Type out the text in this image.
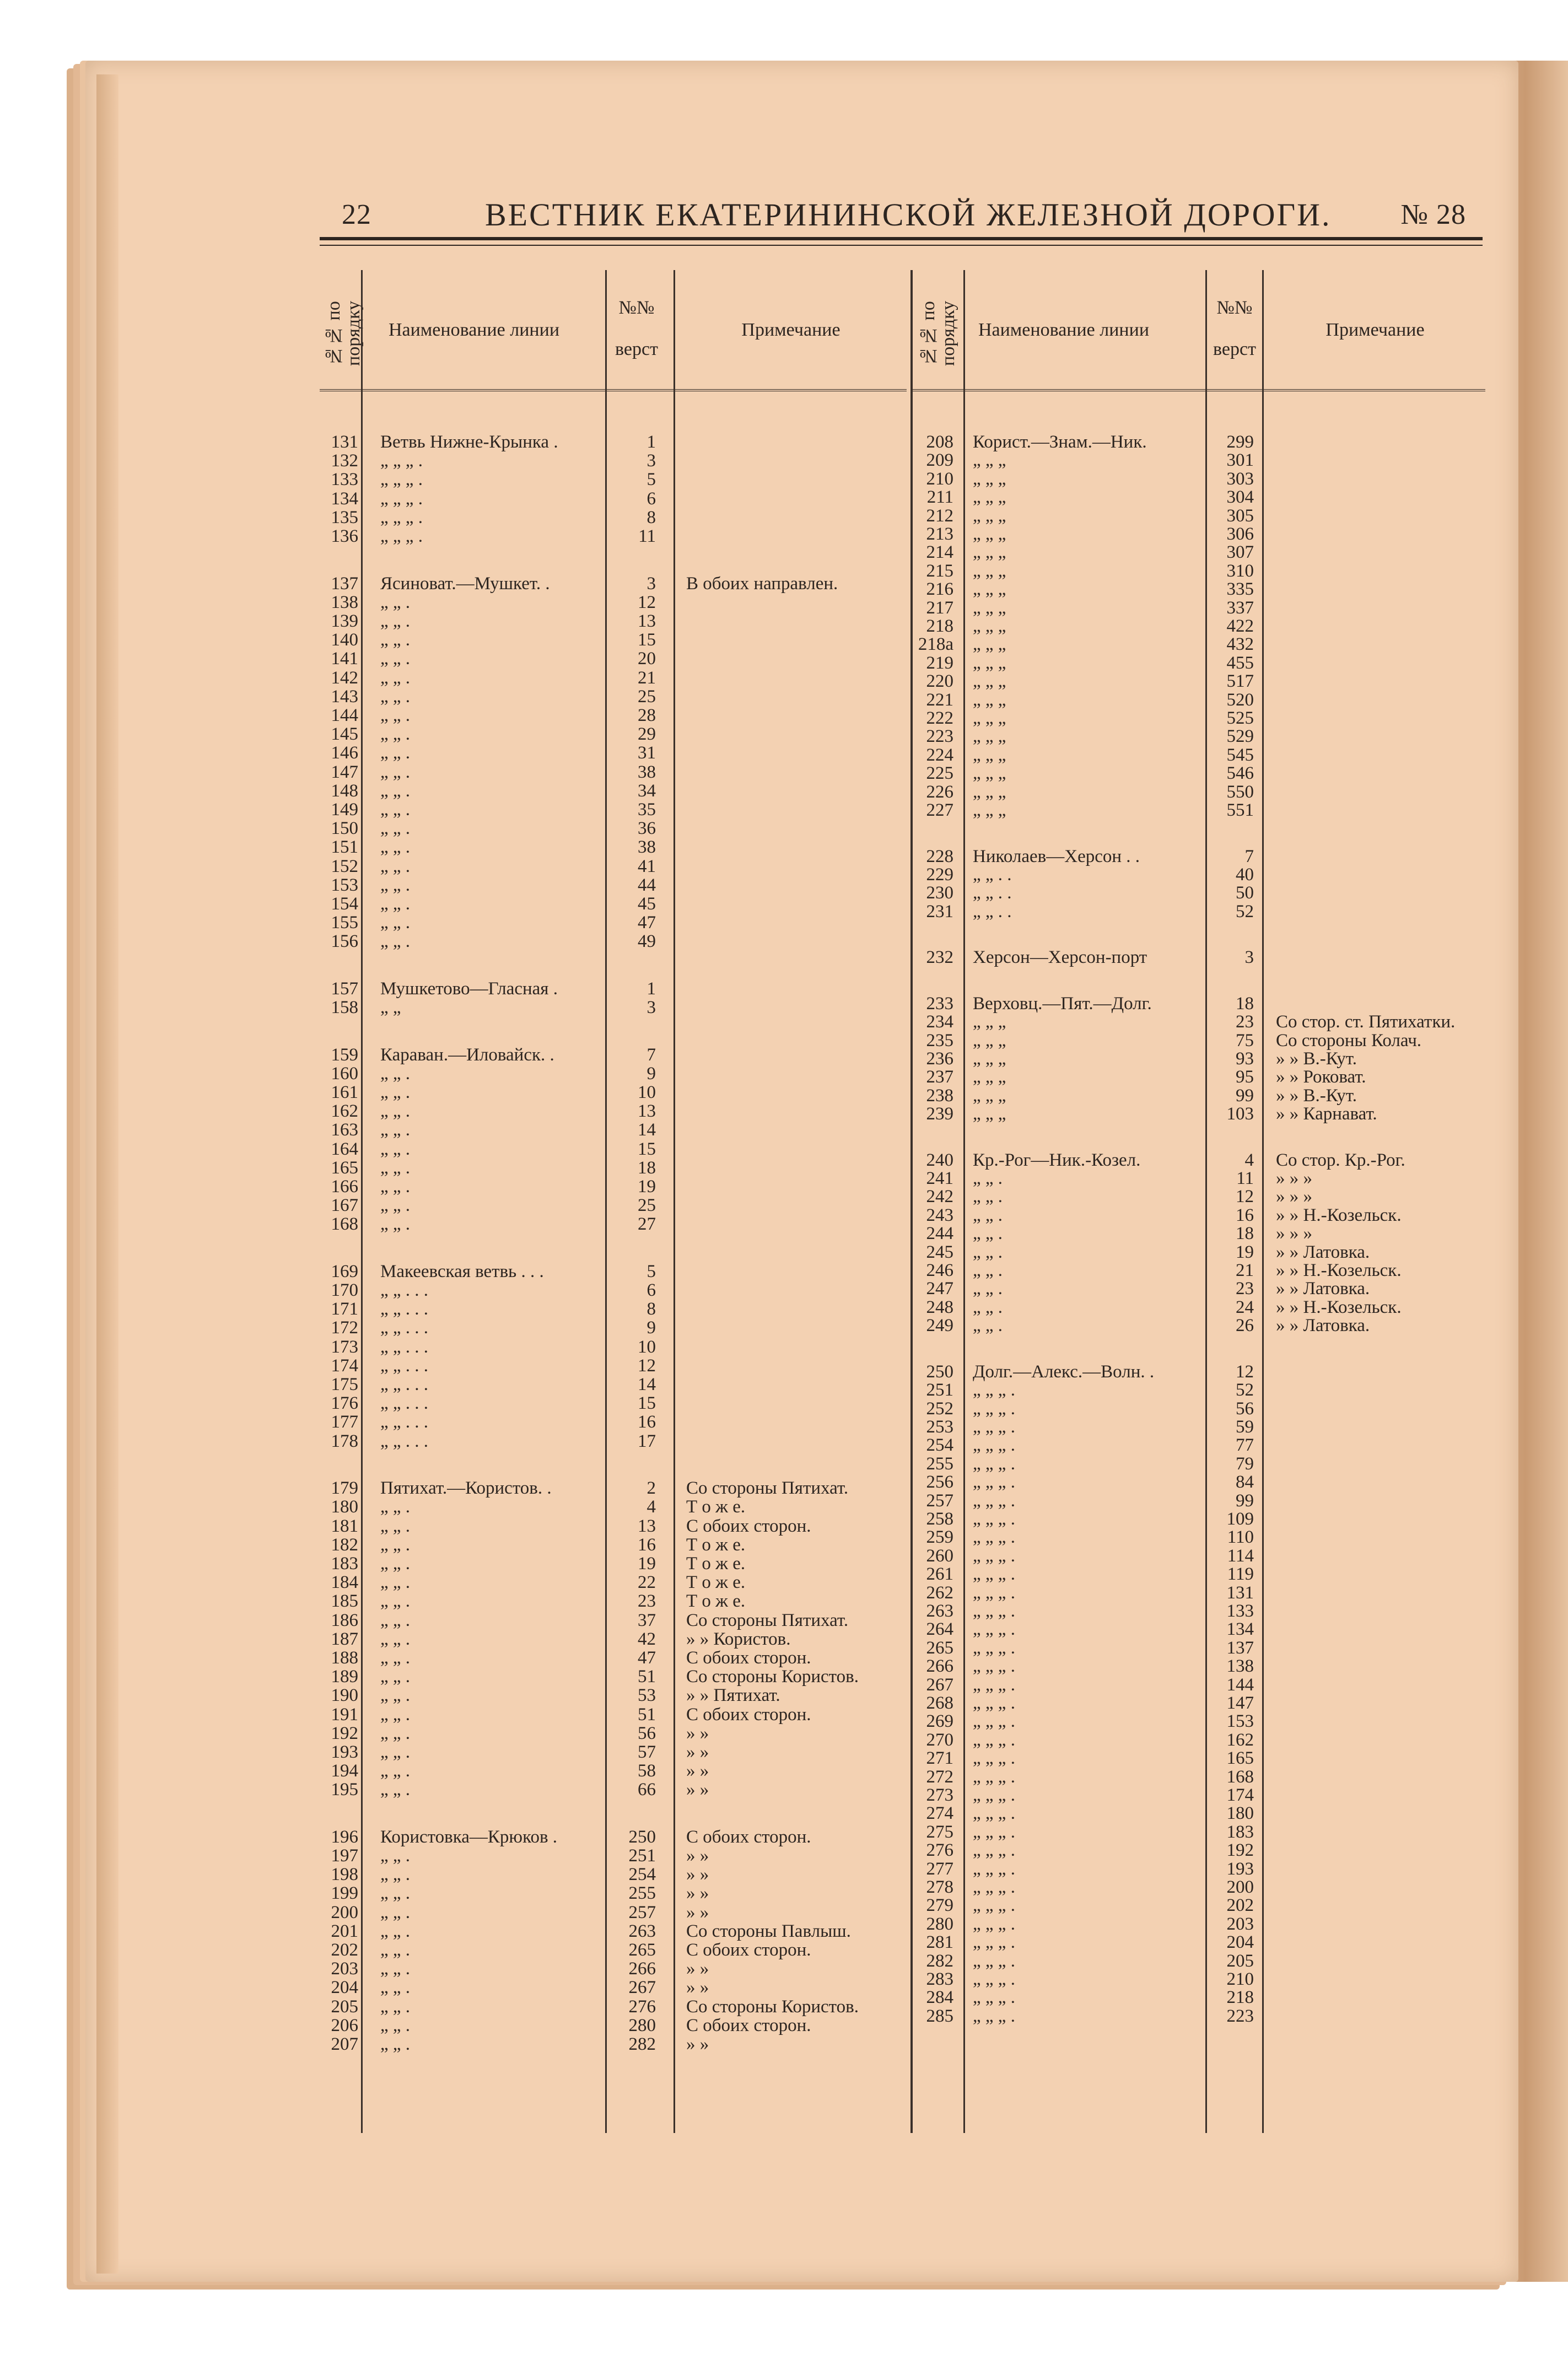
22	ВЕСТНИК ЕКАТЕРИНИНСКОЙ ЖЕЛЕЗНОЙ ДОРОГИ. № 28
№№ по порядку	Наименование линии
№№
верст
Примечание	№№ по порядку	Наименование линии
№№
верст
Примечание
131 Ветвь Нижне-Крынка .	1
132 „ „ „ .	3
133 „ „ „ .	5
134 „ „ „ .	6
135 „ „ „ .	8
136 „ „ „ .	11
137 Ясиноват.—Мушкет. .	3 В обоих направлен.
138 „ „ .	12
139 „ „ .	13
140 „ „ .	15
141 „ „ .	20
142 „ „ .	21
143 „ „ .	25
144 „ „ .	28
145 „ „ .	29
146 „ „ .	31
147 „ „ .	38
148 „ „ .	34
149 „ „ .	35
150 „ „ .	36
151 „ „ .	38
152 „ „ .	41
153 „ „ .	44
154 „ „ .	45
155 „ „ .	47
156 „ „ .	49
157 Мушкетово—Гласная .	1
158 „ „	3
159 Караван.—Иловайск. .	7
160 „ „ .	9
161 „ „ .	10
162 „ „ .	13
163 „ „ .	14
164 „ „ .	15
165 „ „ .	18
166 „ „ .	19
167 „ „ .	25
168 „ „ .	27
169 Макеевская ветвь . . .	5
170 „ „ . . .	6
171 „ „ . . .	8
172 „ „ . . .	9
173 „ „ . . .	10
174 „ „ . . .	12
175 „ „ . . .	14
176 „ „ . . .	15
177 „ „ . . .	16
178 „ „ . . .	17
179 Пятихат.—Користов. .	2 Со стороны Пятихат.
180 „ „ .	4 Т о ж е.
181 „ „ .	13 С обоих сторон.
182 „ „ .	16 Т о ж е.
183 „ „ .	19 Т о ж е.
184 „ „ .	22 Т о ж е.
185 „ „ .	23 Т о ж е.
186 „ „ .	37 Со стороны Пятихат.
187 „ „ .	42 » » Користов.
188 „ „ .	47 С обоих сторон.
189 „ „ .	51 Со стороны Користов.
190 „ „ .	53 » » Пятихат.
191 „ „ .	51 С обоих сторон.
192 „ „ .	56 » »
193 „ „ .	57 » »
194 „ „ .	58 » »
195 „ „ .	66 » »
196 Користовка—Крюков .	250 С обоих сторон.
197 „ „ .	251 » »
198 „ „ .	254 » »
199 „ „ .	255 » »
200 „ „ .	257 » »
201 „ „ .	263 Со стороны Павлыш.
202 „ „ .	265 С обоих сторон.
203 „ „ .	266 » »
204 „ „ .	267 » »
205 „ „ .	276 Со стороны Користов.
206 „ „ .	280 С обоих сторон.
207 „ „ .	282 » »
208 Корист.—Знам.—Ник.	299
209 „ „ „	301
210 „ „ „	303
211 „ „ „	304
212 „ „ „	305
213 „ „ „	306
214 „ „ „	307
215 „ „ „	310
216 „ „ „	335
217 „ „ „	337
218 „ „ „	422
218а „ „ „	432
219 „ „ „	455
220 „ „ „	517
221 „ „ „	520
222 „ „ „	525
223 „ „ „	529
224 „ „ „	545
225 „ „ „	546
226 „ „ „	550
227 „ „ „	551
228 Николаев—Херсон . .	7
229 „ „ . .	40
230 „ „ . .	50
231 „ „ . .	52
232 Херсон—Херсон-порт	3
233 Верховц.—Пят.—Долг.	18
234 „ „ „	23 Со стор. ст. Пятихатки.
235 „ „ „	75 Со стороны Колач.
236 „ „ „	93 » » В.-Кут.
237 „ „ „	95 » » Роковат.
238 „ „ „	99 » » В.-Кут.
239 „ „ „	103 » » Карнават.
240 Кр.-Рог—Ник.-Козел.	4 Со стор. Кр.-Рог.
241 „ „ .	11 » » »
242 „ „ .	12 » » »
243 „ „ .	16 » » Н.-Козельск.
244 „ „ .	18 » » »
245 „ „ .	19 » » Латовка.
246 „ „ .	21 » » Н.-Козельск.
247 „ „ .	23 » » Латовка.
248 „ „ .	24 » » Н.-Козельск.
249 „ „ .	26 » » Латовка.
250 Долг.—Алекс.—Волн. .	12
251 „ „ „ .	52
252 „ „ „ .	56
253 „ „ „ .	59
254 „ „ „ .	77
255 „ „ „ .	79
256 „ „ „ .	84
257 „ „ „ .	99
258 „ „ „ .	109
259 „ „ „ .	110
260 „ „ „ .	114
261 „ „ „ .	119
262 „ „ „ .	131
263 „ „ „ .	133
264 „ „ „ .	134
265 „ „ „ .	137
266 „ „ „ .	138
267 „ „ „ .	144
268 „ „ „ .	147
269 „ „ „ .	153
270 „ „ „ .	162
271 „ „ „ .	165
272 „ „ „ .	168
273 „ „ „ .	174
274 „ „ „ .	180
275 „ „ „ .	183
276 „ „ „ .	192
277 „ „ „ .	193
278 „ „ „ .	200
279 „ „ „ .	202
280 „ „ „ .	203
281 „ „ „ .	204
282 „ „ „ .	205
283 „ „ „ .	210
284 „ „ „ .	218
285 „ „ „ .	223
